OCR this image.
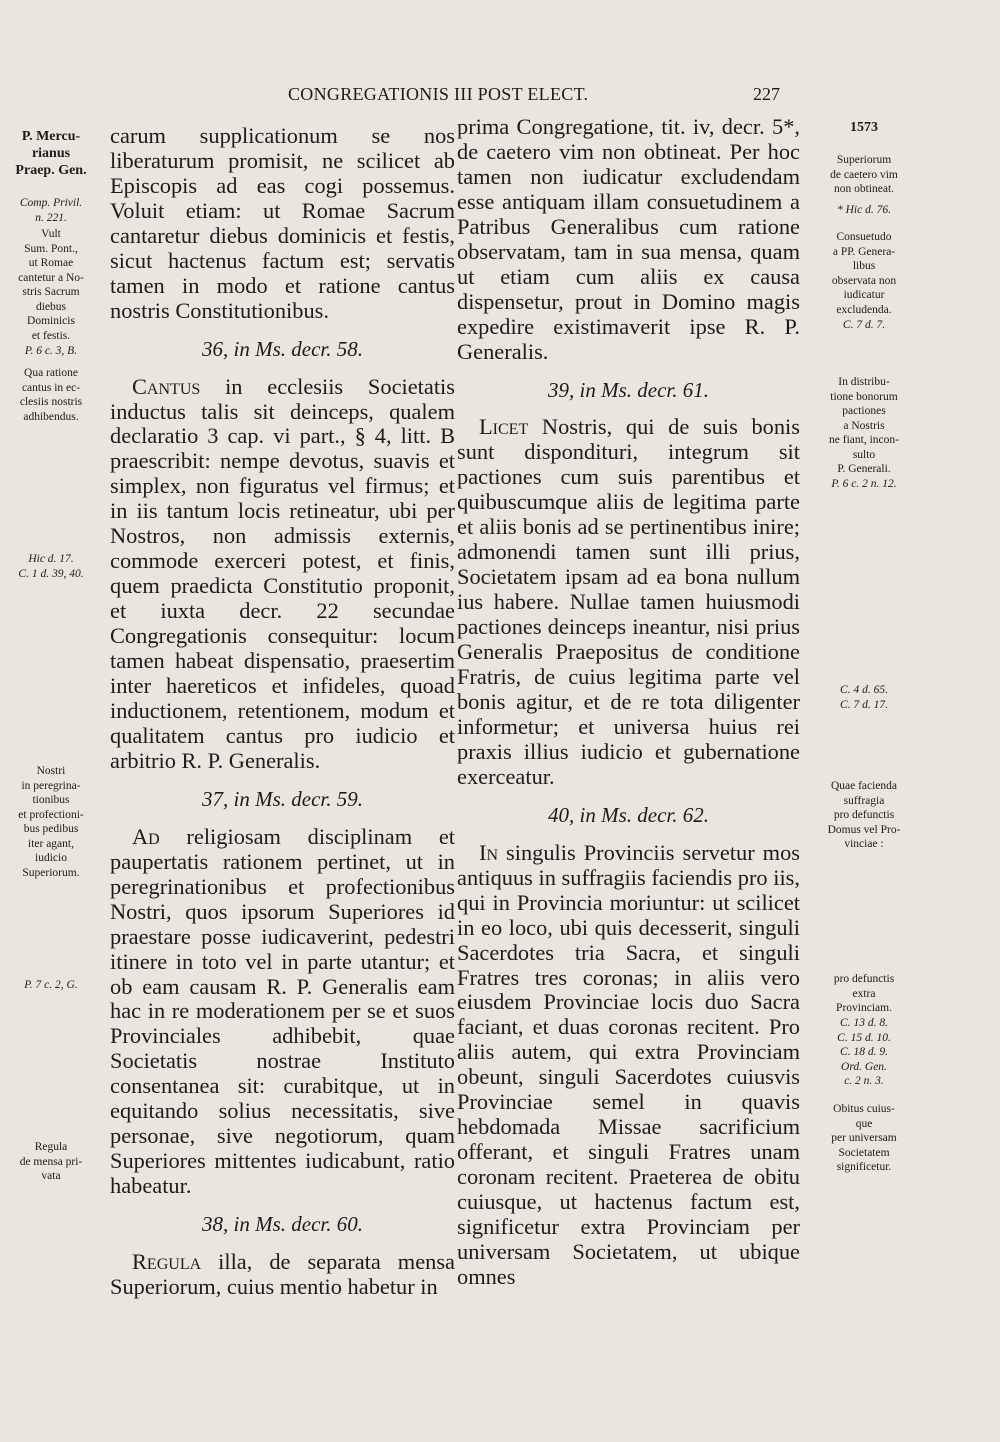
CONGREGATIONIS III POST ELECT.	227
P. Mercu-
rianus
Praep. Gen.
Comp. Privil.
n. 221.
Vult
Sum. Pont.,
ut Romae
cantetur a No-
stris Sacrum
diebus
Dominicis
et festis.
P. 6 c. 3, B.
Qua ratione
cantus in ec-
clesiis nostris
adhibendus.
Hic d. 17.
C. 1 d. 39, 40.
Nostri
in peregrina-
tionibus
et profectioni-
bus pedibus
iter agant,
iudicio
Superiorum.
P. 7 c. 2, G.
Regula
de mensa pri-
vata
1573
Superiorum
de caetero vim
non obtineat.
* Hic d. 76.
Consuetudo
a PP. Genera-
libus
observata non
iudicatur
excludenda.
C. 7 d. 7.
In distribu-
tione bonorum
pactiones
a Nostris
ne fiant, incon-
sulto
P. Generali.
P. 6 c. 2 n. 12.
C. 4 d. 65.
C. 7 d. 17.
Quae facienda
suffragia
pro defunctis
Domus vel Pro-
vinciae :
pro defunctis
extra
Provinciam.
C. 13 d. 8.
C. 15 d. 10.
C. 18 d. 9.
Ord. Gen.
c. 2 n. 3.
Obitus cuius-
que
per universam
Societatem
significetur.

carum supplicationum se nos liberaturum promisit, ne scilicet ab Episcopis ad eas cogi possemus. Voluit etiam: ut Romae Sacrum cantaretur diebus dominicis et festis, sicut hactenus factum est; servatis tamen in modo et ratione cantus nostris Constitutionibus.

36, in Ms. decr. 58.

Cantus in ecclesiis Societatis inductus talis sit deinceps, qualem declaratio 3 cap. vi part., § 4, litt. B praescribit: nempe devotus, suavis et simplex, non figuratus vel firmus; et in iis tantum locis retineatur, ubi per Nostros, non admissis externis, commode exerceri potest, et finis, quem praedicta Constitutio proponit, et iuxta decr. 22 secundae Congregationis consequitur: locum tamen habeat dispensatio, praesertim inter haereticos et infideles, quoad inductionem, retentionem, modum et qualitatem cantus pro iudicio et arbitrio R. P. Generalis.

37, in Ms. decr. 59.

Ad religiosam disciplinam et paupertatis rationem pertinet, ut in peregrinationibus et profectionibus Nostri, quos ipsorum Superiores id praestare posse iudicaverint, pedestri itinere in toto vel in parte utantur; et ob eam causam R. P. Generalis eam hac in re moderationem per se et suos Provinciales adhibebit, quae Societatis nostrae Instituto consentanea sit: curabitque, ut in equitando solius necessitatis, sive personae, sive negotiorum, quam Superiores mittentes iudicabunt, ratio habeatur.

38, in Ms. decr. 60.

Regula illa, de separata mensa Superiorum, cuius mentio habetur in

prima Congregatione, tit. iv, decr. 5*, de caetero vim non obtineat. Per hoc tamen non iudicatur excludendam esse antiquam illam consuetudinem a Patribus Generalibus cum ratione observatam, tam in sua mensa, quam ut etiam cum aliis ex causa dispensetur, prout in Domino magis expedire existimaverit ipse R. P. Generalis.

39, in Ms. decr. 61.

Licet Nostris, qui de suis bonis sunt dispondituri, integrum sit pactiones cum suis parentibus et quibuscumque aliis de legitima parte et aliis bonis ad se pertinentibus inire; admonendi tamen sunt illi prius, Societatem ipsam ad ea bona nullum ius habere. Nullae tamen huiusmodi pactiones deinceps ineantur, nisi prius Generalis Praepositus de conditione Fratris, de cuius legitima parte vel bonis agitur, et de re tota diligenter informetur; et universa huius rei praxis illius iudicio et gubernatione exerceatur.

40, in Ms. decr. 62.

In singulis Provinciis servetur mos antiquus in suffragiis faciendis pro iis, qui in Provincia moriuntur: ut scilicet in eo loco, ubi quis decesserit, singuli Sacerdotes tria Sacra, et singuli Fratres tres coronas; in aliis vero eiusdem Provinciae locis duo Sacra faciant, et duas coronas recitent. Pro aliis autem, qui extra Provinciam obeunt, singuli Sacerdotes cuiusvis Provinciae semel in quavis hebdomada Missae sacrificium offerant, et singuli Fratres unam coronam recitent. Praeterea de obitu cuiusque, ut hactenus factum est, significetur extra Provinciam per universam Societatem, ut ubique omnes
